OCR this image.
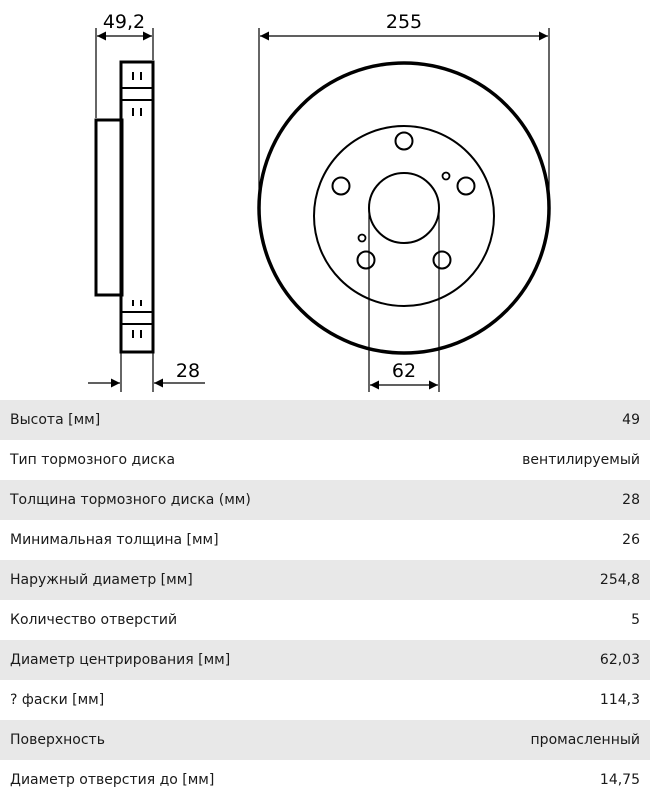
49,2
28
255
62
Высота [мм]	49
Тип тормозного диска	вентилируемый
Толщина тормозного диска (мм)	28
Минимальная толщина [мм]	26
Наружный диаметр [мм]	254,8
Количество отверстий	5
Диаметр центрирования [мм]	62,03
? фаски [мм]	114,3
Поверхность	промасленный
Диаметр отверстия до [мм]	14,75
